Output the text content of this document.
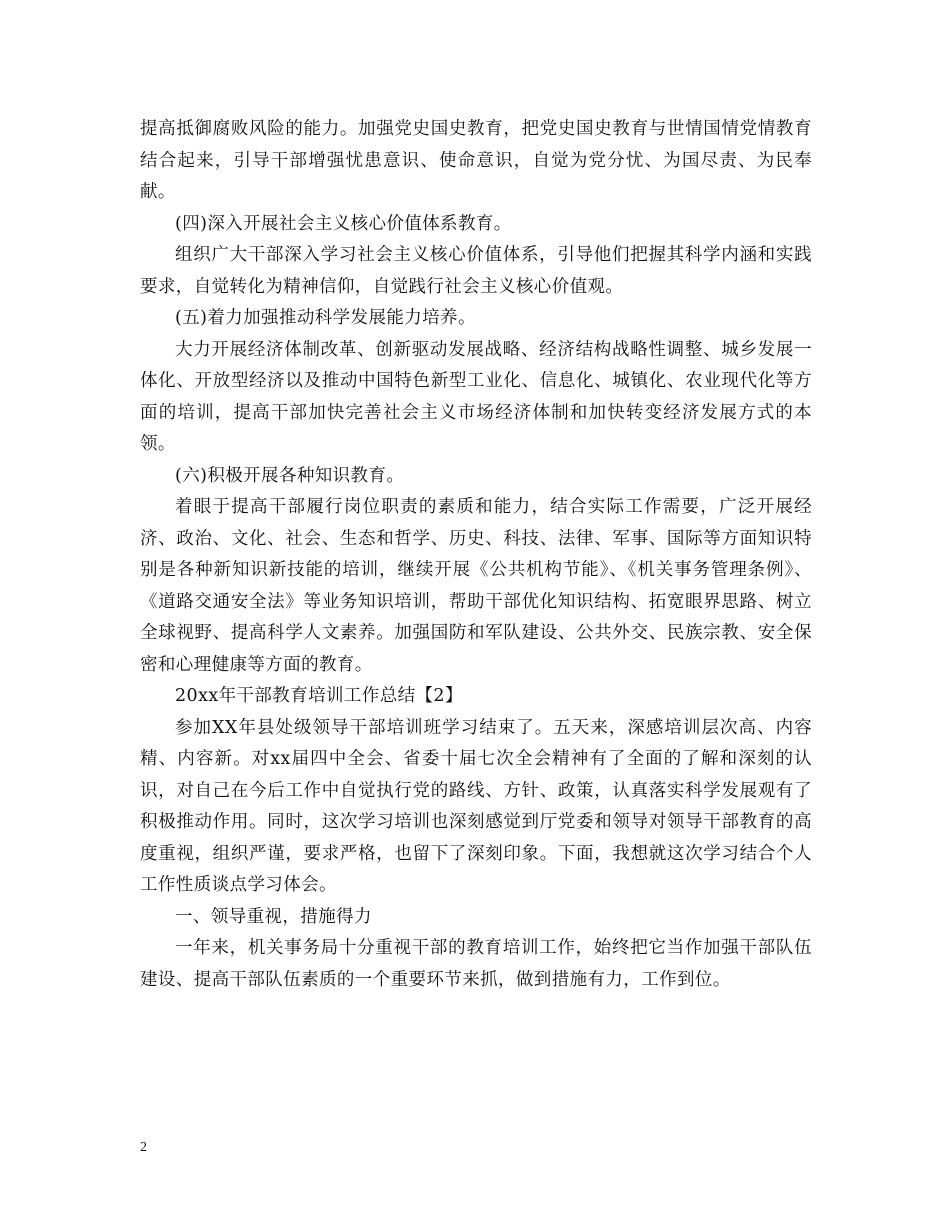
提高抵御腐败风险的能力。加强党史国史教育，把党史国史教育与世情国情党情教育结合起来，引导干部增强忧患意识、使命意识，自觉为党分忧、为国尽责、为民奉献。

(四)深入开展社会主义核心价值体系教育。

组织广大干部深入学习社会主义核心价值体系，引导他们把握其科学内涵和实践要求，自觉转化为精神信仰，自觉践行社会主义核心价值观。

(五)着力加强推动科学发展能力培养。

大力开展经济体制改革、创新驱动发展战略、经济结构战略性调整、城乡发展一体化、开放型经济以及推动中国特色新型工业化、信息化、城镇化、农业现代化等方面的培训，提高干部加快完善社会主义市场经济体制和加快转变经济发展方式的本领。

(六)积极开展各种知识教育。

着眼于提高干部履行岗位职责的素质和能力，结合实际工作需要，广泛开展经济、政治、文化、社会、生态和哲学、历史、科技、法律、军事、国际等方面知识特别是各种新知识新技能的培训，继续开展《公共机构节能》、《机关事务管理条例》、《道路交通安全法》等业务知识培训，帮助干部优化知识结构、拓宽眼界思路、树立全球视野、提高科学人文素养。加强国防和军队建设、公共外交、民族宗教、安全保密和心理健康等方面的教育。

20xx年干部教育培训工作总结【2】

参加XX年县处级领导干部培训班学习结束了。五天来，深感培训层次高、内容精、内容新。对xx届四中全会、省委十届七次全会精神有了全面的了解和深刻的认识，对自己在今后工作中自觉执行党的路线、方针、政策，认真落实科学发展观有了积极推动作用。同时，这次学习培训也深刻感觉到厅党委和领导对领导干部教育的高度重视，组织严谨，要求严格，也留下了深刻印象。下面，我想就这次学习结合个人工作性质谈点学习体会。

一、领导重视，措施得力

一年来，机关事务局十分重视干部的教育培训工作，始终把它当作加强干部队伍建设、提高干部队伍素质的一个重要环节来抓，做到措施有力，工作到位。

2
